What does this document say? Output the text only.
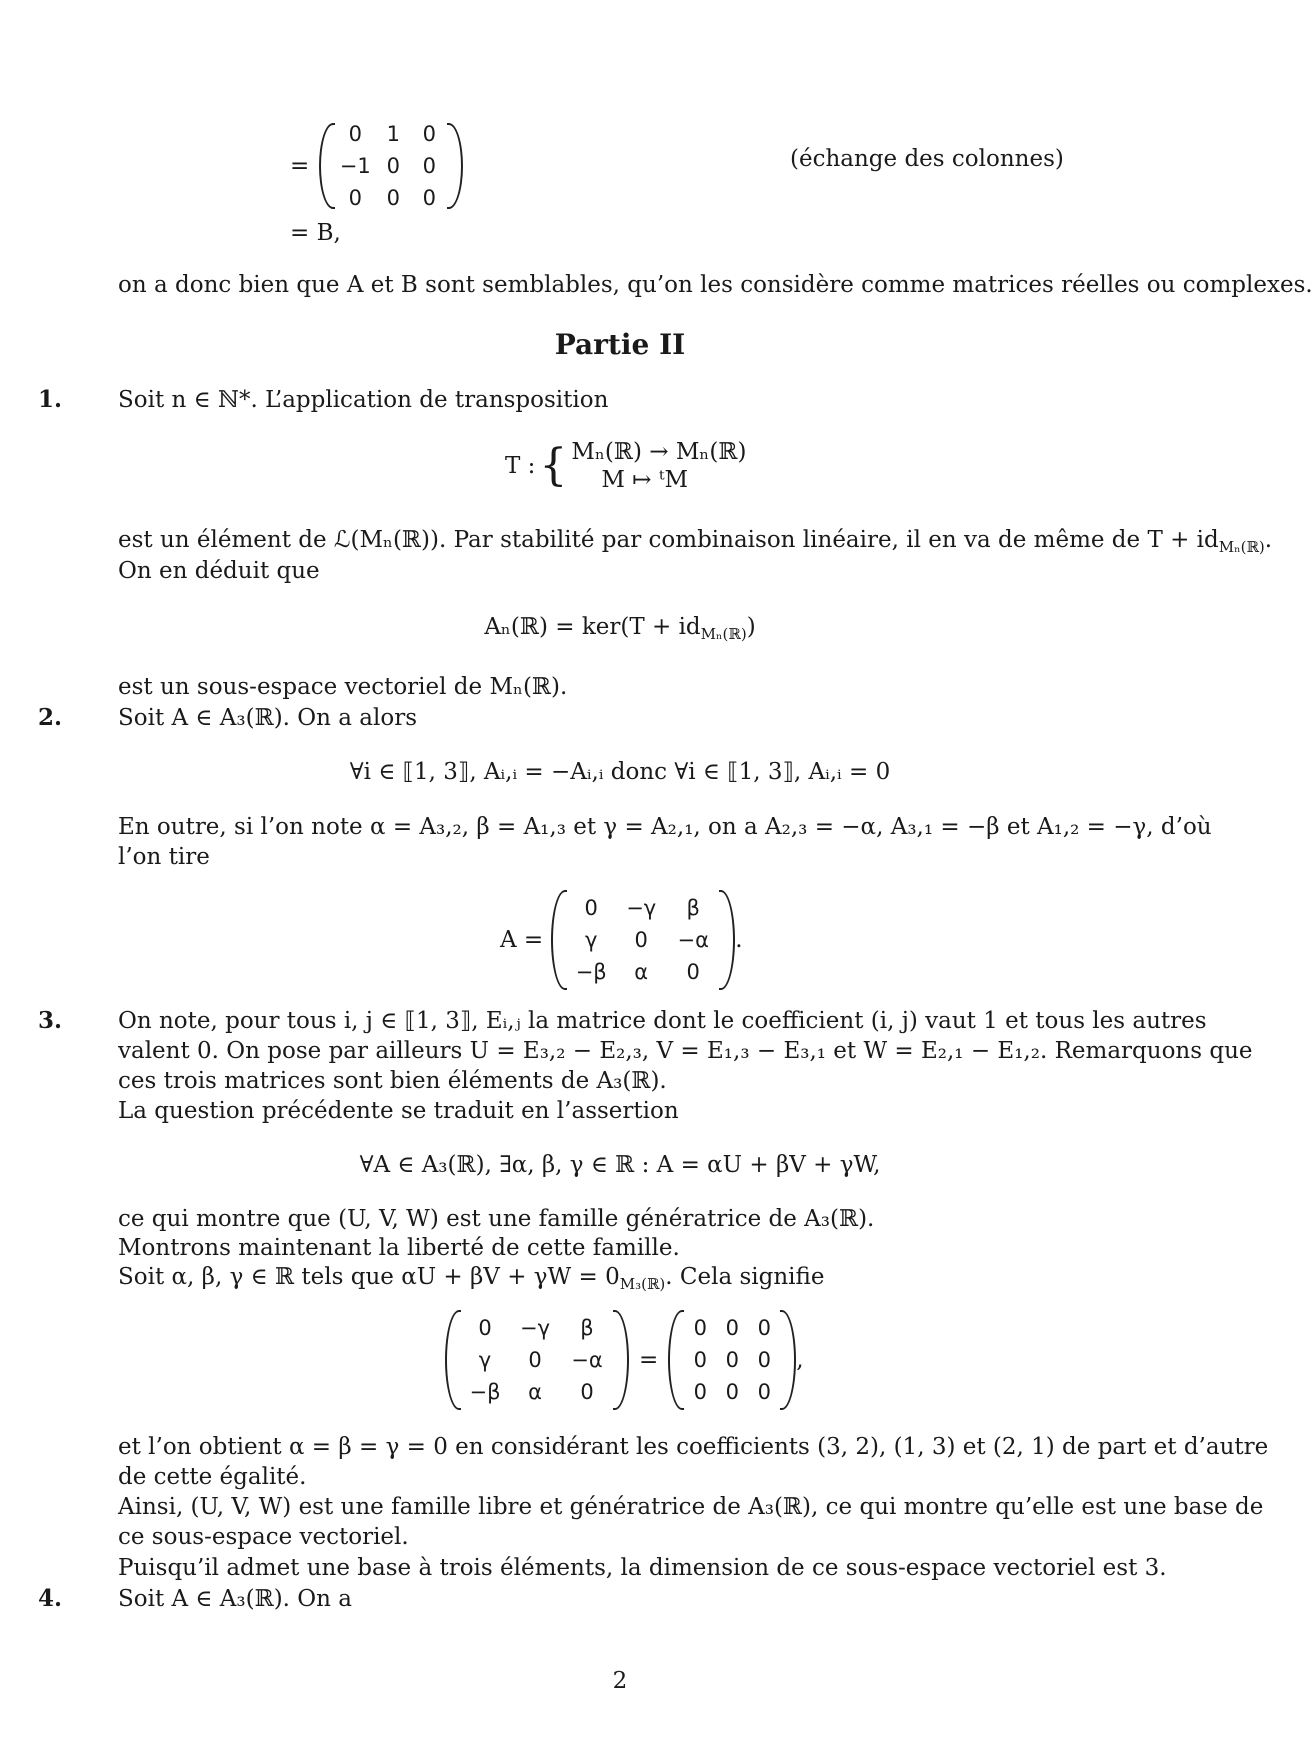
=
0 1 0
−1 0 0
0 0 0
(échange des colonnes)
= B,
on a donc bien que A et B sont semblables, qu’on les considère comme matrices réelles ou complexes.
Partie II
1. Soit n ∈ ℕ*. L’application de transposition
T : { Mₙ(ℝ) → Mₙ(ℝ)
M ↦ ᵗM
est un élément de ℒ(Mₙ(ℝ)). Par stabilité par combinaison linéaire, il en va de même de $T + id_{M_n(ℝ)}$.
On en déduit que
Aₙ(ℝ) = $ker(T + id_{M_n(ℝ)})$
est un sous-espace vectoriel de Mₙ(ℝ).
2. Soit A ∈ A₃(ℝ). On a alors
∀i ∈ ⟦1, 3⟧, Aᵢ,ᵢ = −Aᵢ,ᵢ donc ∀i ∈ ⟦1, 3⟧, Aᵢ,ᵢ = 0
En outre, si l’on note α = A₃,₂, β = A₁,₃ et γ = A₂,₁, on a A₂,₃ = −α, A₃,₁ = −β et A₁,₂ = −γ, d’où
l’on tire
A =
0 −γ β
γ 0 −α
−β α 0
.
3. On note, pour tous i, j ∈ ⟦1, 3⟧, Eᵢ,ⱼ la matrice dont le coefficient (i, j) vaut 1 et tous les autres
valent 0. On pose par ailleurs U = E₃,₂ − E₂,₃, V = E₁,₃ − E₃,₁ et W = E₂,₁ − E₁,₂. Remarquons que
ces trois matrices sont bien éléments de A₃(ℝ).
La question précédente se traduit en l’assertion
∀A ∈ A₃(ℝ), ∃α, β, γ ∈ ℝ : A = αU + βV + γW,
ce qui montre que (U, V, W) est une famille génératrice de A₃(ℝ).
Montrons maintenant la liberté de cette famille.
Soit α, β, γ ∈ ℝ tels que $\alpha U + \beta V + \gamma W = 0_{M_3(ℝ)}$. Cela signifie
0 −γ β
γ 0 −α
−β α 0
=
0 0 0
0 0 0
0 0 0
,
et l’on obtient α = β = γ = 0 en considérant les coefficients (3, 2), (1, 3) et (2, 1) de part et d’autre
de cette égalité.
Ainsi, (U, V, W) est une famille libre et génératrice de A₃(ℝ), ce qui montre qu’elle est une base de
ce sous-espace vectoriel.
Puisqu’il admet une base à trois éléments, la dimension de ce sous-espace vectoriel est 3.
4. Soit A ∈ A₃(ℝ). On a
2
